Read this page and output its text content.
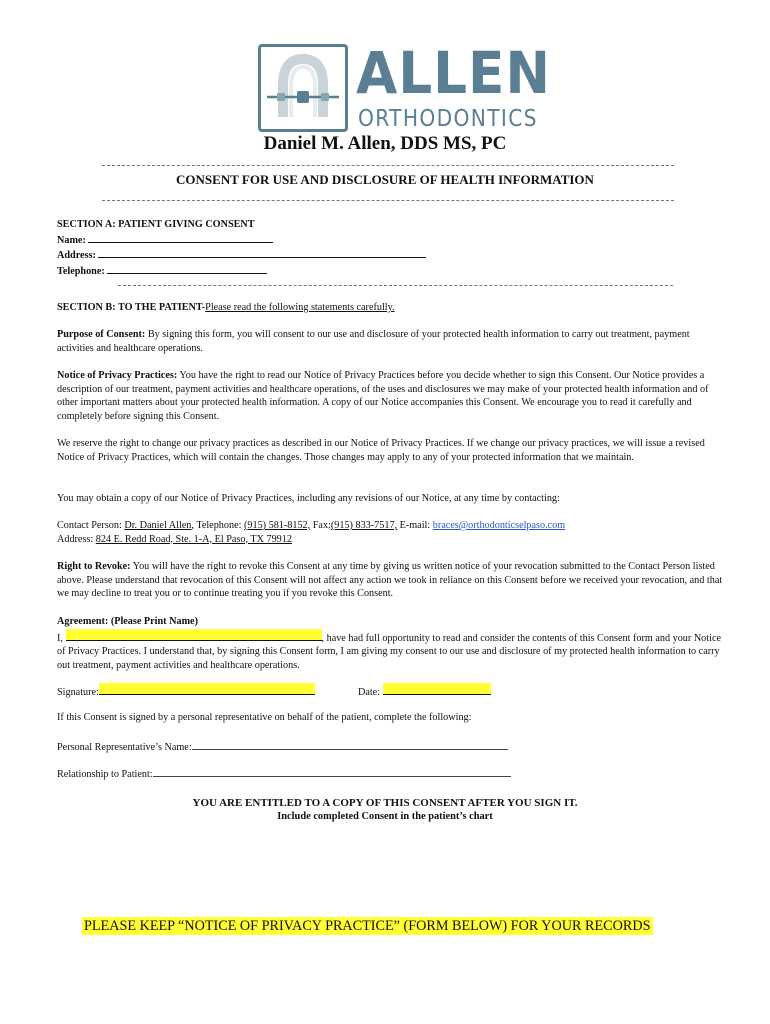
ALLEN
ORTHODONTICS
Daniel M. Allen, DDS MS, PC
CONSENT FOR USE AND DISCLOSURE OF HEALTH INFORMATION
SECTION A: PATIENT GIVING CONSENT
Name:
Address:
Telephone:
SECTION B: TO THE PATIENT-Please read the following statements carefully.
Purpose of Consent: By signing this form, you will consent to our use and disclosure of your protected health information to carry out treatment, payment activities and healthcare operations.
Notice of Privacy Practices: You have the right to read our Notice of Privacy Practices before you decide whether to sign this Consent. Our Notice provides a description of our treatment, payment activities and healthcare operations, of the uses and disclosures we may make of your protected health information and of other important matters about your protected health information. A copy of our Notice accompanies this Consent. We encourage you to read it carefully and completely before signing this Consent.
We reserve the right to change our privacy practices as described in our Notice of Privacy Practices. If we change our privacy practices, we will issue a revised Notice of Privacy Practices, which will contain the changes. Those changes may apply to any of your protected information that we maintain.
You may obtain a copy of our Notice of Privacy Practices, including any revisions of our Notice, at any time by contacting:
Contact Person: Dr. Daniel Allen, Telephone: (915) 581-8152, Fax:(915) 833-7517, E-mail: braces@orthodonticselpaso.com
Address: 824 E. Redd Road, Ste. 1-A, El Paso, TX 79912
Right to Revoke: You will have the right to revoke this Consent at any time by giving us written notice of your revocation submitted to the Contact Person listed above. Please understand that revocation of this Consent will not affect any action we took in reliance on this Consent before we received your revocation, and that we may decline to treat you or to continue treating you if you revoke this Consent.
Agreement: (Please Print Name)
I,	, have had full opportunity to read and consider the contents of this Consent form and your Notice of Privacy Practices. I understand that, by signing this Consent form, I am giving my consent to our use and disclosure of my protected health information to carry out treatment, payment activities and healthcare operations.
Signature:	Date:
If this Consent is signed by a personal representative on behalf of the patient, complete the following:
Personal Representative’s Name:
Relationship to Patient:
YOU ARE ENTITLED TO A COPY OF THIS CONSENT AFTER YOU SIGN IT.
Include completed Consent in the patient’s chart
PLEASE KEEP “NOTICE OF PRIVACY PRACTICE” (FORM BELOW) FOR YOUR RECORDS
